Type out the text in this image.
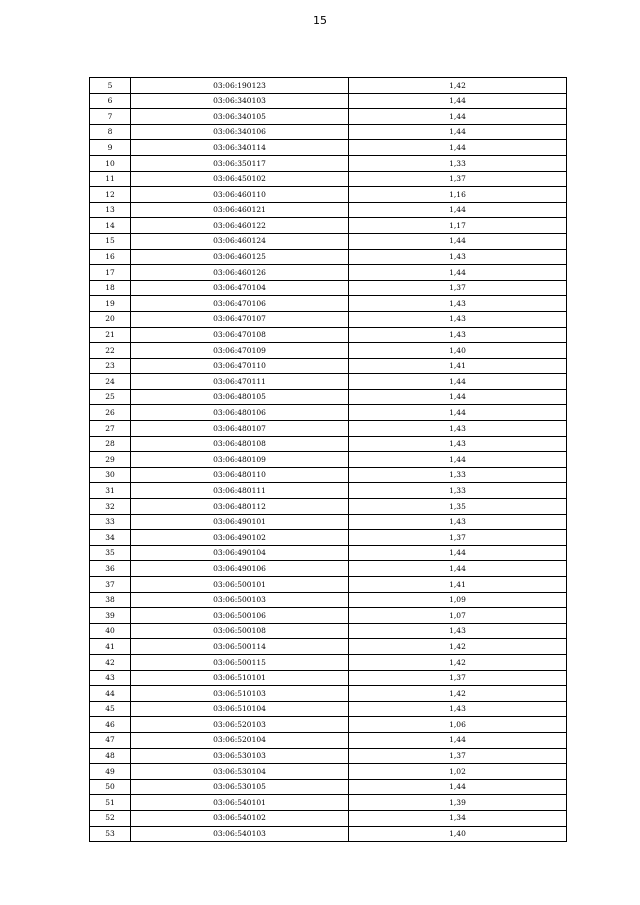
15
5	03:06:190123	1,42
6	03:06:340103	1,44
7	03:06:340105	1,44
8	03:06:340106	1,44
9	03:06:340114	1,44
10	03:06:350117	1,33
11	03:06:450102	1,37
12	03:06:460110	1,16
13	03:06:460121	1,44
14	03:06:460122	1,17
15	03:06:460124	1,44
16	03:06:460125	1,43
17	03:06:460126	1,44
18	03:06:470104	1,37
19	03:06:470106	1,43
20	03:06:470107	1,43
21	03:06:470108	1,43
22	03:06:470109	1,40
23	03:06:470110	1,41
24	03:06:470111	1,44
25	03:06:480105	1,44
26	03:06:480106	1,44
27	03:06:480107	1,43
28	03:06:480108	1,43
29	03:06:480109	1,44
30	03:06:480110	1,33
31	03:06:480111	1,33
32	03:06:480112	1,35
33	03:06:490101	1,43
34	03:06:490102	1,37
35	03:06:490104	1,44
36	03:06:490106	1,44
37	03:06:500101	1,41
38	03:06:500103	1,09
39	03:06:500106	1,07
40	03:06:500108	1,43
41	03:06:500114	1,42
42	03:06:500115	1,42
43	03:06:510101	1,37
44	03:06:510103	1,42
45	03:06:510104	1,43
46	03:06:520103	1,06
47	03:06:520104	1,44
48	03:06:530103	1,37
49	03:06:530104	1,02
50	03:06:530105	1,44
51	03:06:540101	1,39
52	03:06:540102	1,34
53	03:06:540103	1,40
